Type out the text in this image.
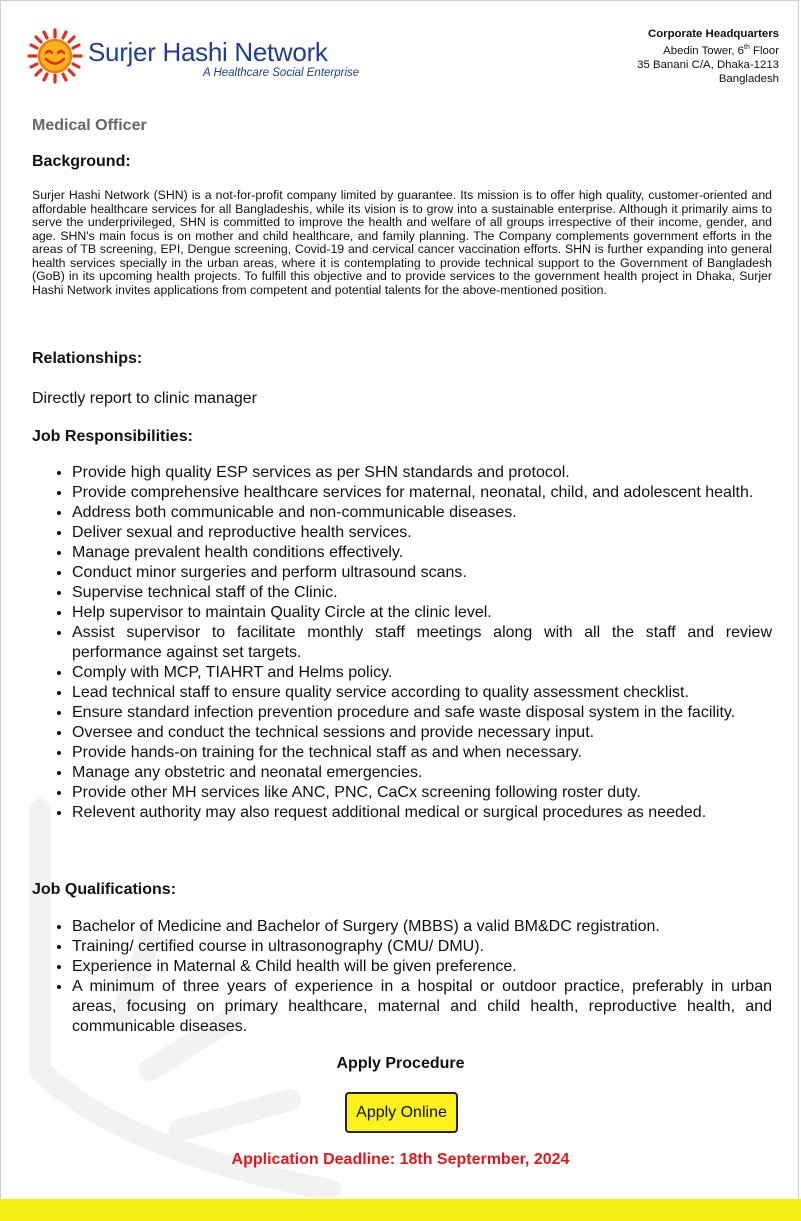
Surjer Hashi Network
A Healthcare Social Enterprise
Corporate Headquarters
Abedin Tower, 6th Floor
35 Banani C/A, Dhaka-1213
Bangladesh
Medical Officer
Background:
Surjer Hashi Network (SHN) is a not-for-profit company limited by guarantee. Its mission is to offer high quality, customer-oriented and affordable healthcare services for all Bangladeshis, while its vision is to grow into a sustainable enterprise. Although it primarily aims to serve the underprivileged, SHN is committed to improve the health and welfare of all groups irrespective of their income, gender, and age. SHN's main focus is on mother and child healthcare, and family planning. The Company complements government efforts in the areas of TB screening, EPI, Dengue screening, Covid-19 and cervical cancer vaccination efforts. SHN is further expanding into general health services specially in the urban areas, where it is contemplating to provide technical support to the Government of Bangladesh (GoB) in its upcoming health projects. To fulfill this objective and to provide services to the government health project in Dhaka, Surjer Hashi Network invites applications from competent and potential talents for the above-mentioned position.
Relationships:
Directly report to clinic manager
Job Responsibilities:
• Provide high quality ESP services as per SHN standards and protocol.
• Provide comprehensive healthcare services for maternal, neonatal, child, and adolescent health.
• Address both communicable and non-communicable diseases.
• Deliver sexual and reproductive health services.
• Manage prevalent health conditions effectively.
• Conduct minor surgeries and perform ultrasound scans.
• Supervise technical staff of the Clinic.
• Help supervisor to maintain Quality Circle at the clinic level.
• Assist supervisor to facilitate monthly staff meetings along with all the staff and review performance against set targets.
• Comply with MCP, TIAHRT and Helms policy.
• Lead technical staff to ensure quality service according to quality assessment checklist.
• Ensure standard infection prevention procedure and safe waste disposal system in the facility.
• Oversee and conduct the technical sessions and provide necessary input.
• Provide hands-on training for the technical staff as and when necessary.
• Manage any obstetric and neonatal emergencies.
• Provide other MH services like ANC, PNC, CaCx screening following roster duty.
• Relevent authority may also request additional medical or surgical procedures as needed.
Job Qualifications:
• Bachelor of Medicine and Bachelor of Surgery (MBBS) a valid BM&DC registration.
• Training/ certified course in ultrasonography (CMU/ DMU).
• Experience in Maternal & Child health will be given preference.
• A minimum of three years of experience in a hospital or outdoor practice, preferably in urban areas, focusing on primary healthcare, maternal and child health, reproductive health, and communicable diseases.
Apply Procedure
Apply Online
Application Deadline: 18th Septermber, 2024
